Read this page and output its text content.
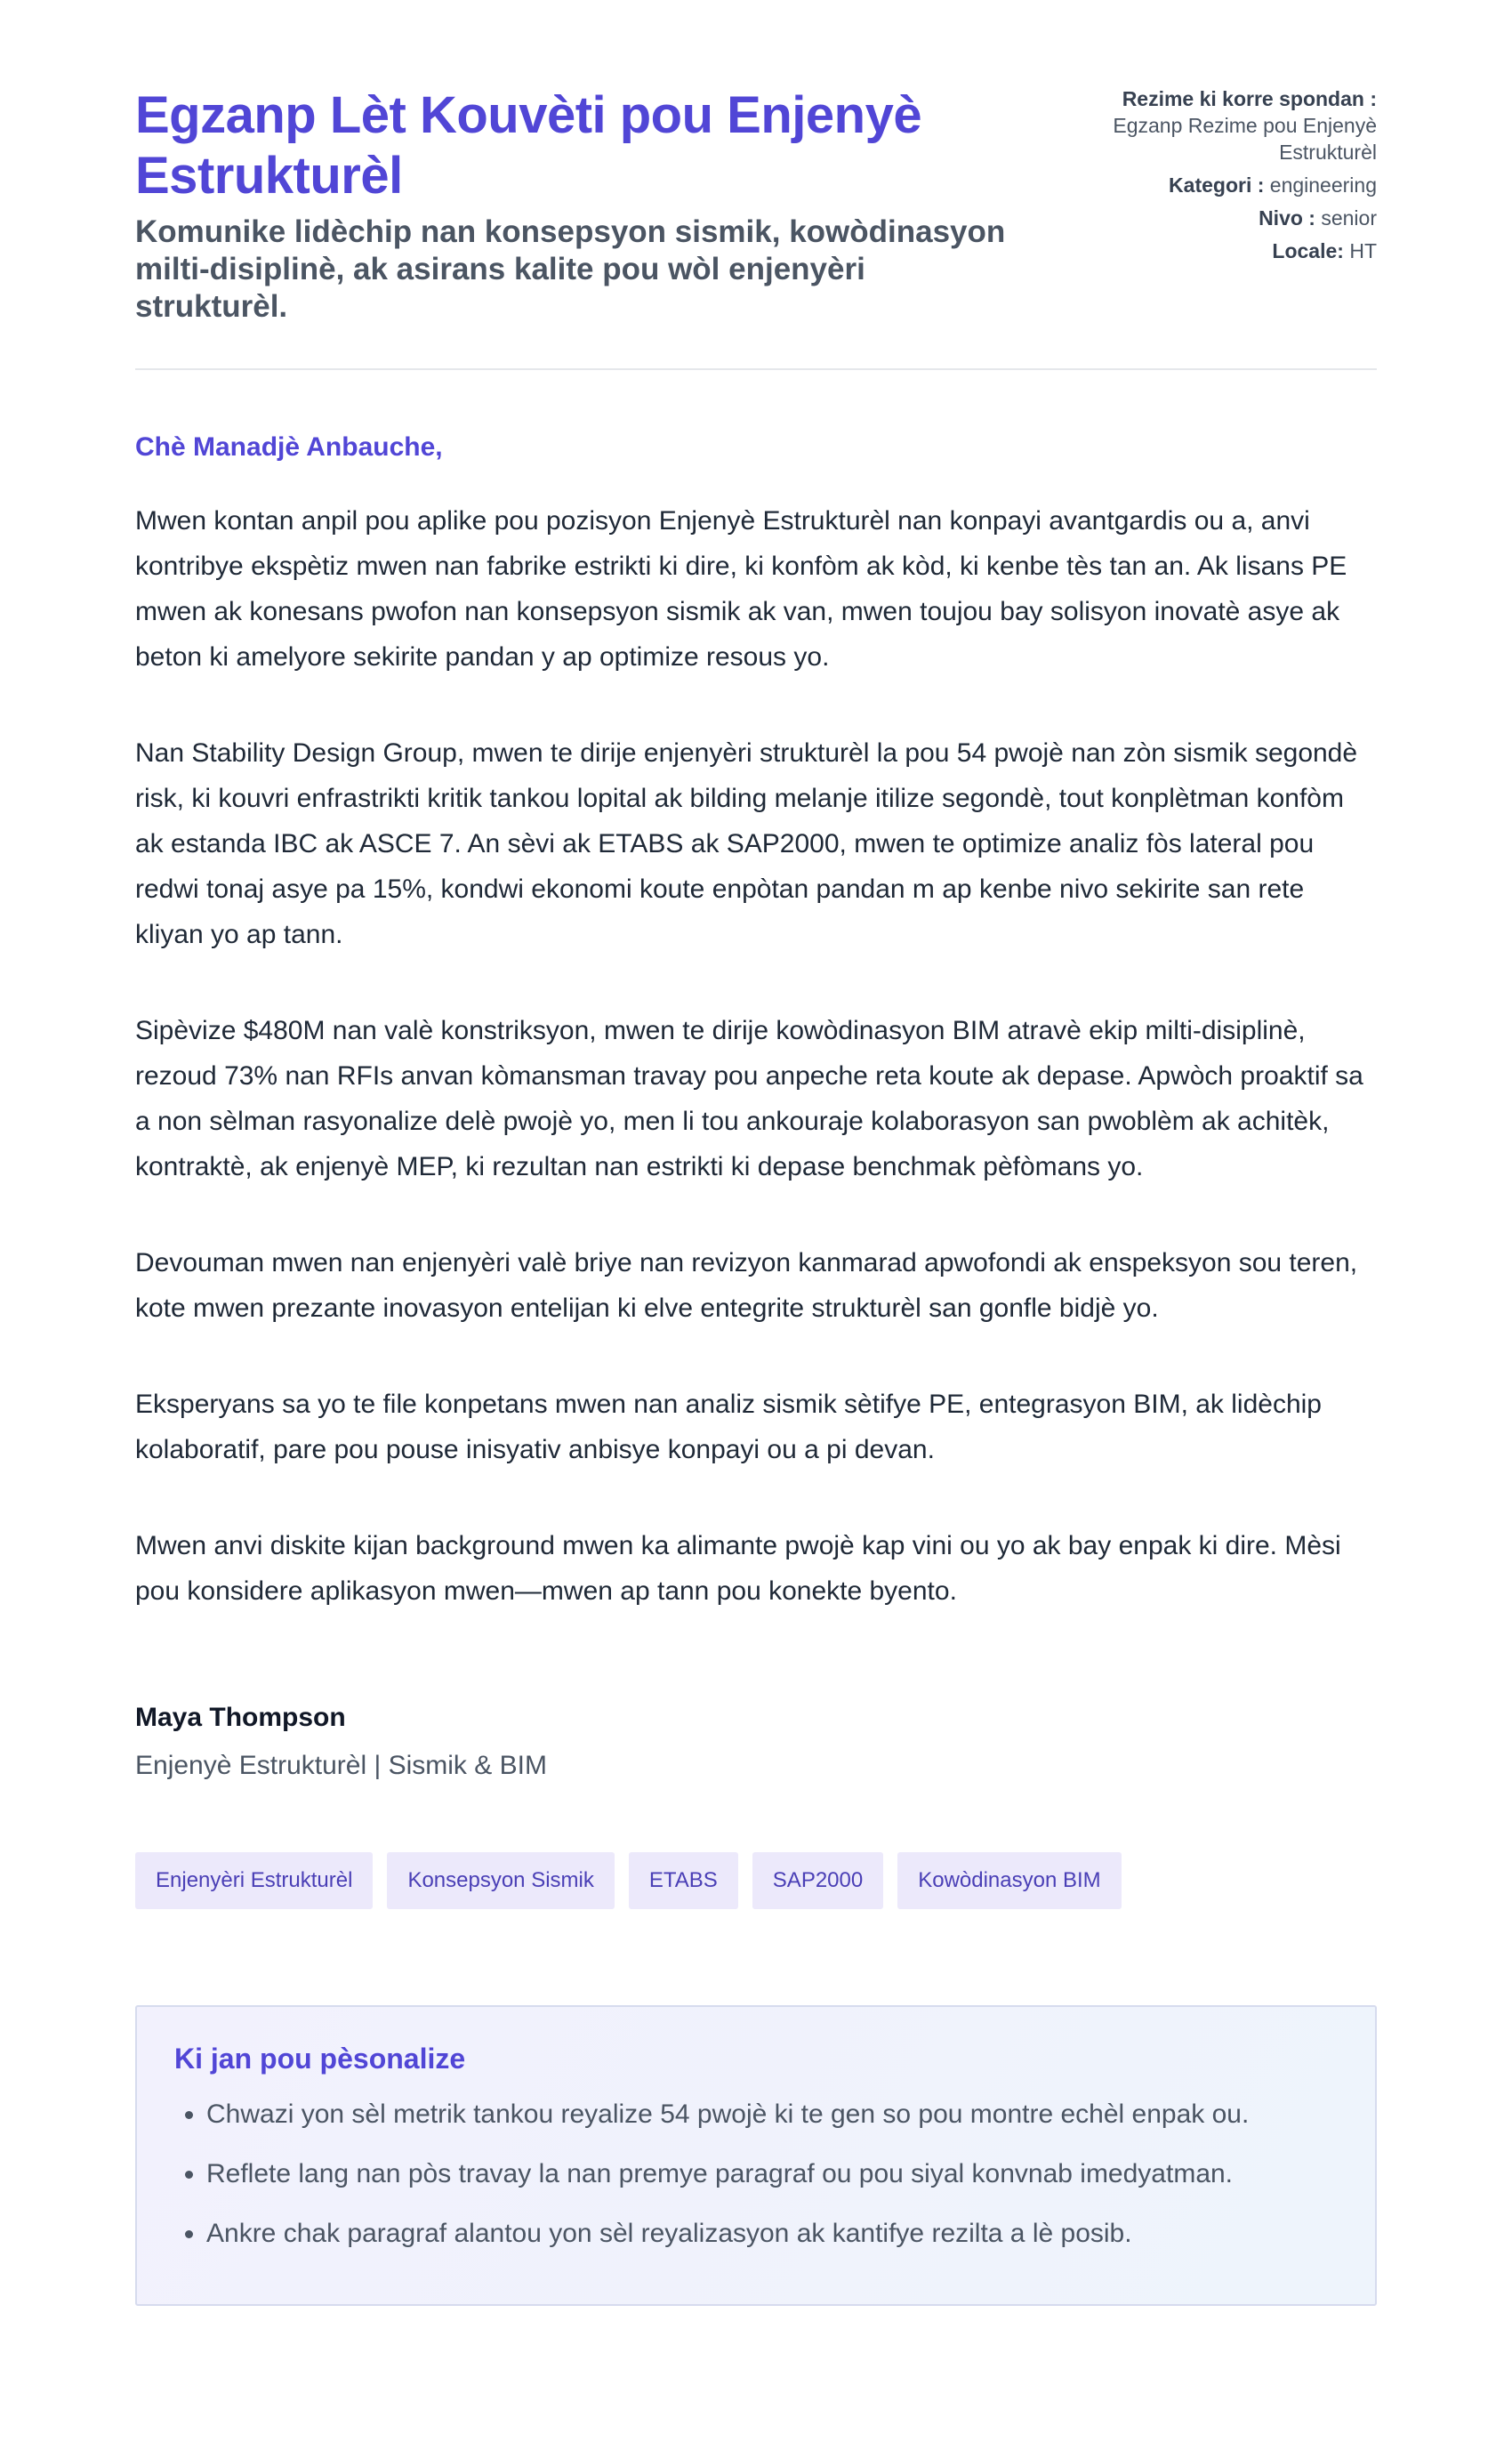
Egzanp Lèt Kouvèti pou Enjenyè Estrukturèl

Komunike lidèchip nan konsepsyon sismik, kowòdinasyon milti-disiplinè, ak asirans kalite pou wòl enjenyèri strukturèl.

Rezime ki korre spondan :
Egzanp Rezime pou Enjenyè Estrukturèl
Kategori : engineering
Nivo : senior
Locale: HT
Chè Manadjè Anbauche,

Mwen kontan anpil pou aplike pou pozisyon Enjenyè Estrukturèl nan konpayi avantgardis ou a, anvi kontribye ekspètiz mwen nan fabrike estrikti ki dire, ki konfòm ak kòd, ki kenbe tès tan an. Ak lisans PE mwen ak konesans pwofon nan konsepsyon sismik ak van, mwen toujou bay solisyon inovatè asye ak beton ki amelyore sekirite pandan y ap optimize resous yo.

Nan Stability Design Group, mwen te dirije enjenyèri strukturèl la pou 54 pwojè nan zòn sismik segondè risk, ki kouvri enfrastrikti kritik tankou lopital ak bilding melanje itilize segondè, tout konplètman konfòm ak estanda IBC ak ASCE 7. An sèvi ak ETABS ak SAP2000, mwen te optimize analiz fòs lateral pou redwi tonaj asye pa 15%, kondwi ekonomi koute enpòtan pandan m ap kenbe nivo sekirite san rete kliyan yo ap tann.

Sipèvize $480M nan valè konstriksyon, mwen te dirije kowòdinasyon BIM atravè ekip milti-disiplinè, rezoud 73% nan RFIs anvan kòmansman travay pou anpeche reta koute ak depase. Apwòch proaktif sa a non sèlman rasyonalize delè pwojè yo, men li tou ankouraje kolaborasyon san pwoblèm ak achitèk, kontraktè, ak enjenyè MEP, ki rezultan nan estrikti ki depase benchmak pèfòmans yo.

Devouman mwen nan enjenyèri valè briye nan revizyon kanmarad apwofondi ak enspeksyon sou teren, kote mwen prezante inovasyon entelijan ki elve entegrite strukturèl san gonfle bidjè yo.

Eksperyans sa yo te file konpetans mwen nan analiz sismik sètifye PE, entegrasyon BIM, ak lidèchip kolaboratif, pare pou pouse inisyativ anbisye konpayi ou a pi devan.

Mwen anvi diskite kijan background mwen ka alimante pwojè kap vini ou yo ak bay enpak ki dire. Mèsi pou konsidere aplikasyon mwen—mwen ap tann pou konekte byento.

Maya Thompson
Enjenyè Estrukturèl | Sismik & BIM
Enjenyèri Estrukturèl	Konsepsyon Sismik	ETABS	SAP2000	Kowòdinasyon BIM
Ki jan pou pèsonalize
• Chwazi yon sèl metrik tankou reyalize 54 pwojè ki te gen so pou montre echèl enpak ou.
• Reflete lang nan pòs travay la nan premye paragraf ou pou siyal konvnab imedyatman.
• Ankre chak paragraf alantou yon sèl reyalizasyon ak kantifye rezilta a lè posib.
